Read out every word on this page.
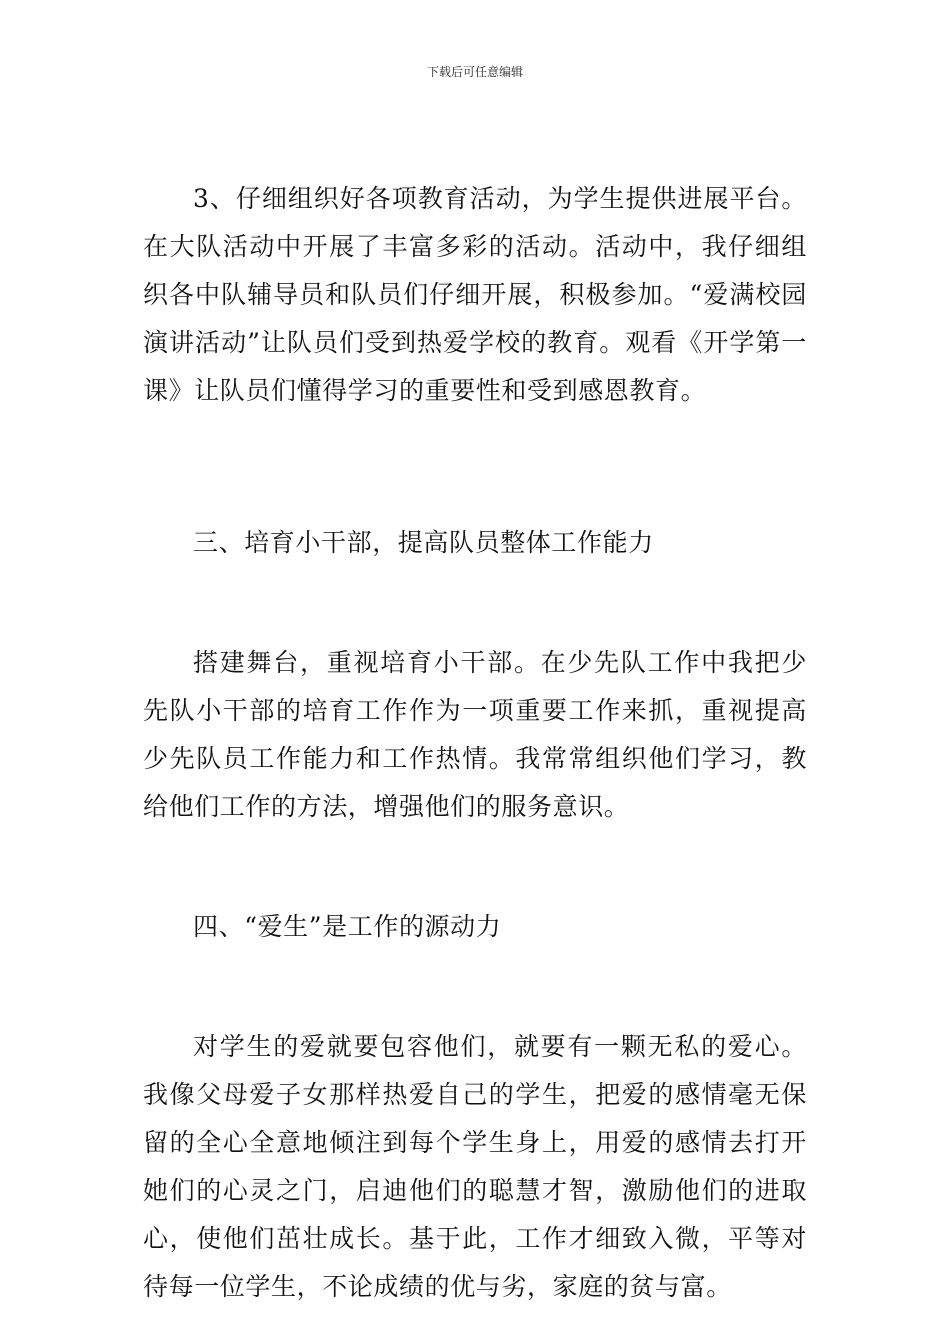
下载后可任意编辑

3、仔细组织好各项教育活动，为学生提供进展平台。在大队活动中开展了丰富多彩的活动。活动中，我仔细组织各中队辅导员和队员们仔细开展，积极参加。“爱满校园演讲活动”让队员们受到热爱学校的教育。观看《开学第一课》让队员们懂得学习的重要性和受到感恩教育。

三、培育小干部，提高队员整体工作能力

搭建舞台，重视培育小干部。在少先队工作中我把少先队小干部的培育工作作为一项重要工作来抓，重视提高少先队员工作能力和工作热情。我常常组织他们学习，教给他们工作的方法，增强他们的服务意识。

四、“爱生”是工作的源动力

对学生的爱就要包容他们，就要有一颗无私的爱心。我像父母爱子女那样热爱自己的学生，把爱的感情毫无保留的全心全意地倾注到每个学生身上，用爱的感情去打开她们的心灵之门，启迪他们的聪慧才智，激励他们的进取心，使他们茁壮成长。基于此，工作才细致入微，平等对待每一位学生，不论成绩的优与劣，家庭的贫与富。
